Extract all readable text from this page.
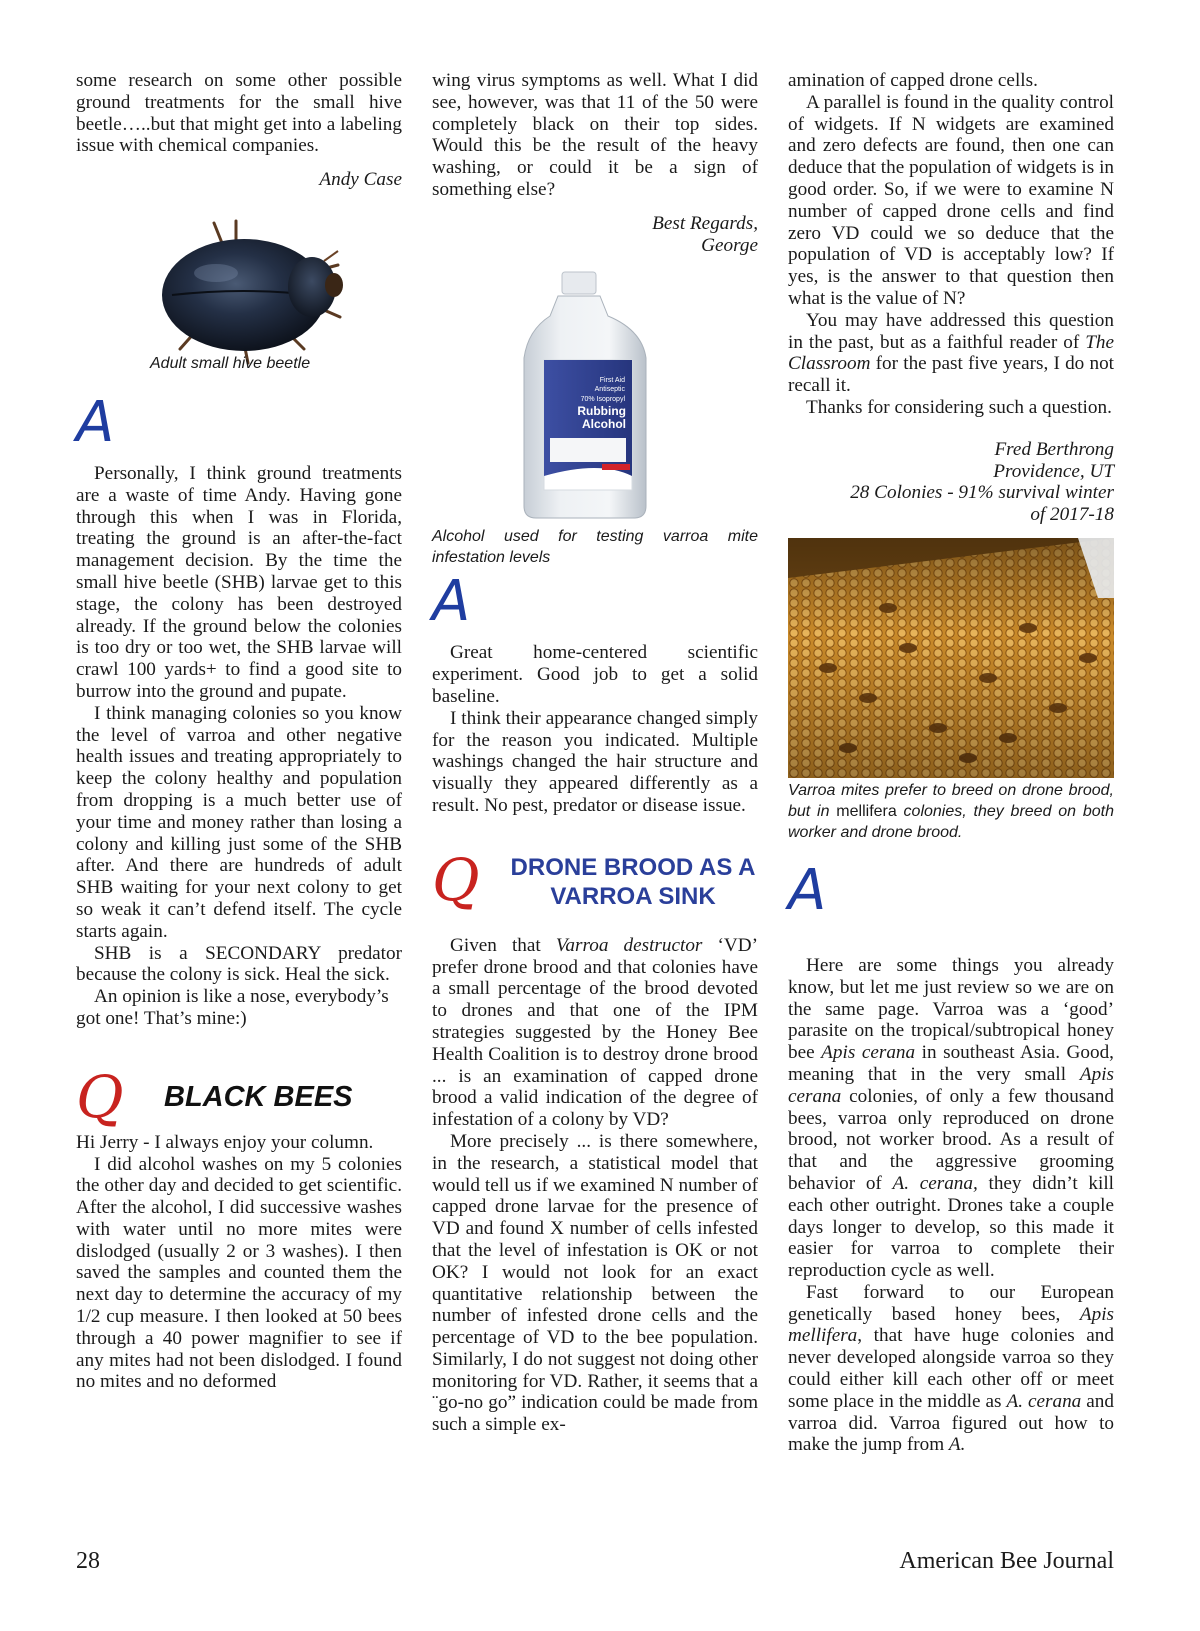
some research on some other possible ground treatments for the small hive beetle…..but that might get into a labeling issue with chemical companies.

Andy Case

Adult small hive beetle

A

Personally, I think ground treatments are a waste of time Andy. Having gone through this when I was in Florida, treating the ground is an after-the-fact management decision. By the time the small hive beetle (SHB) larvae get to this stage, the colony has been destroyed already. If the ground below the colonies is too dry or too wet, the SHB larvae will crawl 100 yards+ to find a good site to burrow into the ground and pupate.

I think managing colonies so you know the level of varroa and other negative health issues and treating appropriately to keep the colony healthy and population from dropping is a much better use of your time and money rather than losing a colony and killing just some of the SHB after. And there are hundreds of adult SHB waiting for your next colony to get so weak it can’t defend itself. The cycle starts again.

SHB is a SECONDARY predator because the colony is sick. Heal the sick.

An opinion is like a nose, everybody’s got one! That’s mine:)

Q BLACK BEES

Hi Jerry - I always enjoy your column.

I did alcohol washes on my 5 colonies the other day and decided to get scientific. After the alcohol, I did successive washes with water until no more mites were dislodged (usually 2 or 3 washes). I then saved the samples and counted them the next day to determine the accuracy of my 1/2 cup measure. I then looked at 50 bees through a 40 power magnifier to see if any mites had not been dislodged. I found no mites and no deformed

wing virus symptoms as well. What I did see, however, was that 11 of the 50 were completely black on their top sides. Would this be the result of the heavy washing, or could it be a sign of something else?

Best Regards,

George

First Aid
Antiseptic
70% Isopropyl
Rubbing
Alcohol

Alcohol used for testing varroa mite infestation levels

A

Great home-centered scientific experiment. Good job to get a solid baseline.

I think their appearance changed simply for the reason you indicated. Multiple washings changed the hair structure and visually they appeared differently as a result. No pest, predator or disease issue.

Q DRONE BROOD AS A VARROA SINK

Given that Varroa destructor ‘VD’ prefer drone brood and that colonies have a small percentage of the brood devoted to drones and that one of the IPM strategies suggested by the Honey Bee Health Coalition is to destroy drone brood ... is an examination of capped drone brood a valid indication of the degree of infestation of a colony by VD?

More precisely ... is there somewhere, in the research, a statistical model that would tell us if we examined N number of capped drone larvae for the presence of VD and found X number of cells infested that the level of infestation is OK or not OK? I would not look for an exact quantitative relationship between the number of infested drone cells and the percentage of VD to the bee population. Similarly, I do not suggest not doing other monitoring for VD. Rather, it seems that a ¨go-no go” indication could be made from such a simple ex-

amination of capped drone cells.

A parallel is found in the quality control of widgets. If N widgets are examined and zero defects are found, then one can deduce that the population of widgets is in good order. So, if we were to examine N number of capped drone cells and find zero VD could we so deduce that the population of VD is acceptably low? If yes, is the answer to that question then what is the value of N?

You may have addressed this question in the past, but as a faithful reader of The Classroom for the past five years, I do not recall it.

Thanks for considering such a question.

Fred Berthrong

Providence, UT

28 Colonies - 91% survival winter

of 2017-18

Varroa mites prefer to breed on drone brood, but in mellifera colonies, they breed on both worker and drone brood.

A

Here are some things you already know, but let me just review so we are on the same page. Varroa was a ‘good’ parasite on the tropical/subtropical honey bee Apis cerana in southeast Asia. Good, meaning that in the very small Apis cerana colonies, of only a few thousand bees, varroa only reproduced on drone brood, not worker brood. As a result of that and the aggressive grooming behavior of A. cerana, they didn’t kill each other outright. Drones take a couple days longer to develop, so this made it easier for varroa to complete their reproduction cycle as well.

Fast forward to our European genetically based honey bees, Apis mellifera, that have huge colonies and never developed alongside varroa so they could either kill each other off or meet some place in the middle as A. cerana and varroa did. Varroa figured out how to make the jump from A.

28	American Bee Journal
